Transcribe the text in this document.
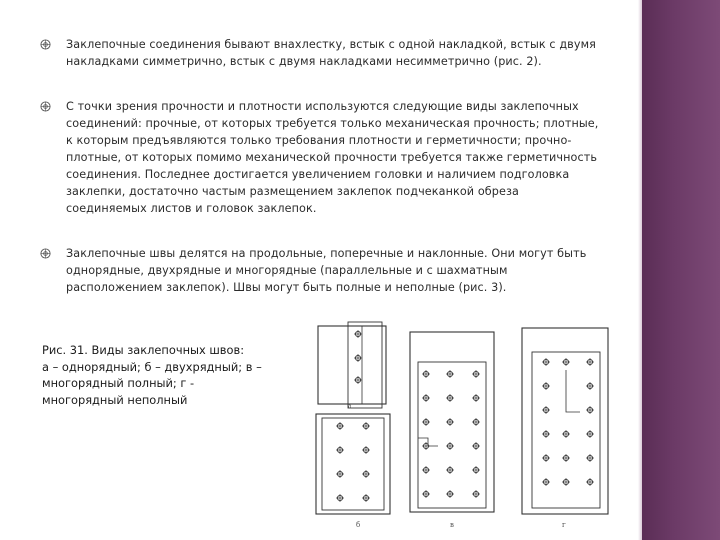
Заклепочные соединения бывают внахлестку, встык с одной накладкой, встык с двумя накладками симметрично, встык с двумя накладками несимметрично (рис. 2).
С точки зрения прочности и плотности используются следующие виды заклепочных соединений: прочные, от которых требуется только механическая прочность; плотные, к которым предъявляются только требования плотности и герметичности; прочно-плотные, от которых помимо механической прочности требуется также герметичность соединения. Последнее достигается увеличением головки и наличием подголовка заклепки, достаточно частым размещением заклепок подчеканкой обреза соединяемых листов и головок заклепок.
Заклепочные швы делятся на продольные, поперечные и наклонные. Они могут быть однорядные, двухрядные и многорядные (параллельные и с шахматным расположением заклепок). Швы могут быть полные и неполные (рис. 3).
Рис. 31. Виды заклепочных швов:
а – однорядный; б – двухрядный; в –
многорядный полный; г -
многорядный неполный	а
б	в	г
